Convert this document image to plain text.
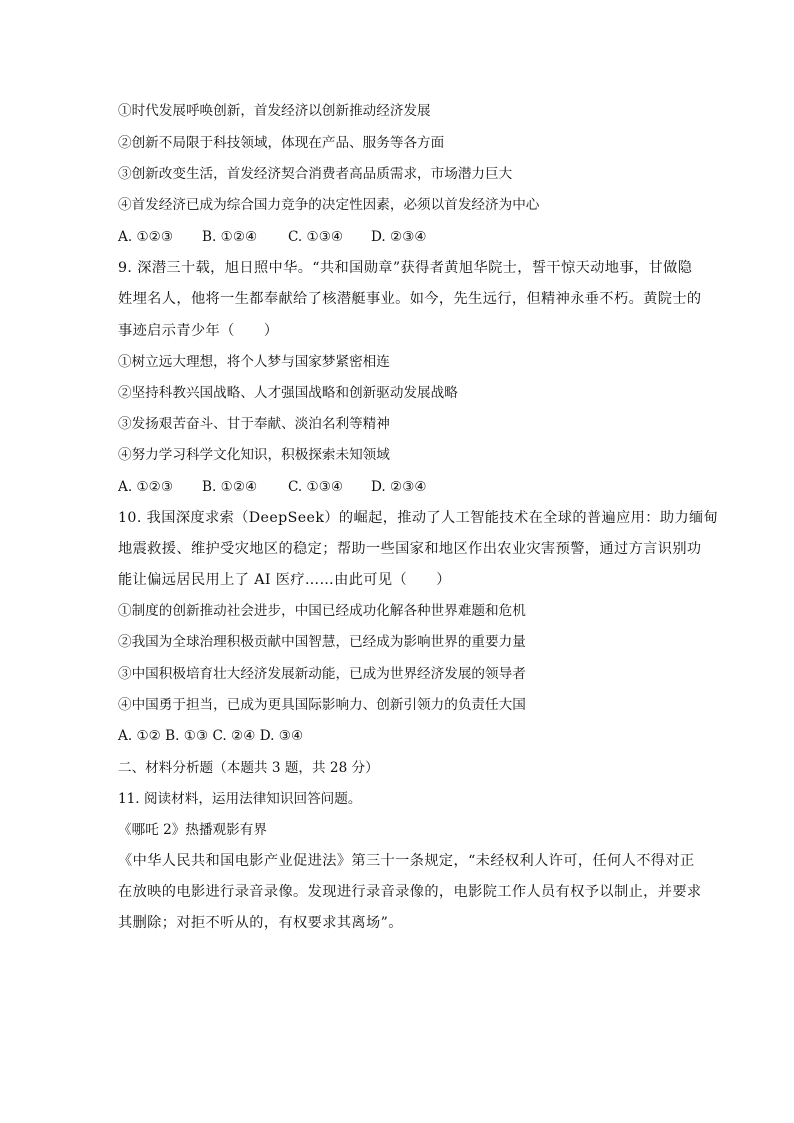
①时代发展呼唤创新，首发经济以创新推动经济发展
②创新不局限于科技领域，体现在产品、服务等各方面
③创新改变生活，首发经济契合消费者高品质需求，市场潜力巨大
④首发经济已成为综合国力竞争的决定性因素，必须以首发经济为中心
A. ①②③ B. ①②④ C. ①③④ D. ②③④
9. 深潜三十载，旭日照中华。“共和国勋章”获得者黄旭华院士，誓干惊天动地事，甘做隐
姓埋名人，他将一生都奉献给了核潜艇事业。如今，先生远行，但精神永垂不朽。黄院士的
事迹启示青少年（　　）
①树立远大理想，将个人梦与国家梦紧密相连
②坚持科教兴国战略、人才强国战略和创新驱动发展战略
③发扬艰苦奋斗、甘于奉献、淡泊名利等精神
④努力学习科学文化知识，积极探索未知领域
A. ①②③ B. ①②④ C. ①③④ D. ②③④
10. 我国深度求索（DeepSeek）的崛起，推动了人工智能技术在全球的普遍应用：助力缅甸
地震救援、维护受灾地区的稳定；帮助一些国家和地区作出农业灾害预警，通过方言识别功
能让偏远居民用上了 AI 医疗……由此可见（　　）
①制度的创新推动社会进步，中国已经成功化解各种世界难题和危机
②我国为全球治理积极贡献中国智慧，已经成为影响世界的重要力量
③中国积极培育壮大经济发展新动能，已成为世界经济发展的领导者
④中国勇于担当，已成为更具国际影响力、创新引领力的负责任大国
A. ①② B. ①③ C. ②④ D. ③④
二、材料分析题（本题共 3 题，共 28 分）
11. 阅读材料，运用法律知识回答问题。
《哪吒 2》热播观影有界
《中华人民共和国电影产业促进法》第三十一条规定，“未经权利人许可，任何人不得对正
在放映的电影进行录音录像。发现进行录音录像的，电影院工作人员有权予以制止，并要求
其删除；对拒不听从的，有权要求其离场”。
